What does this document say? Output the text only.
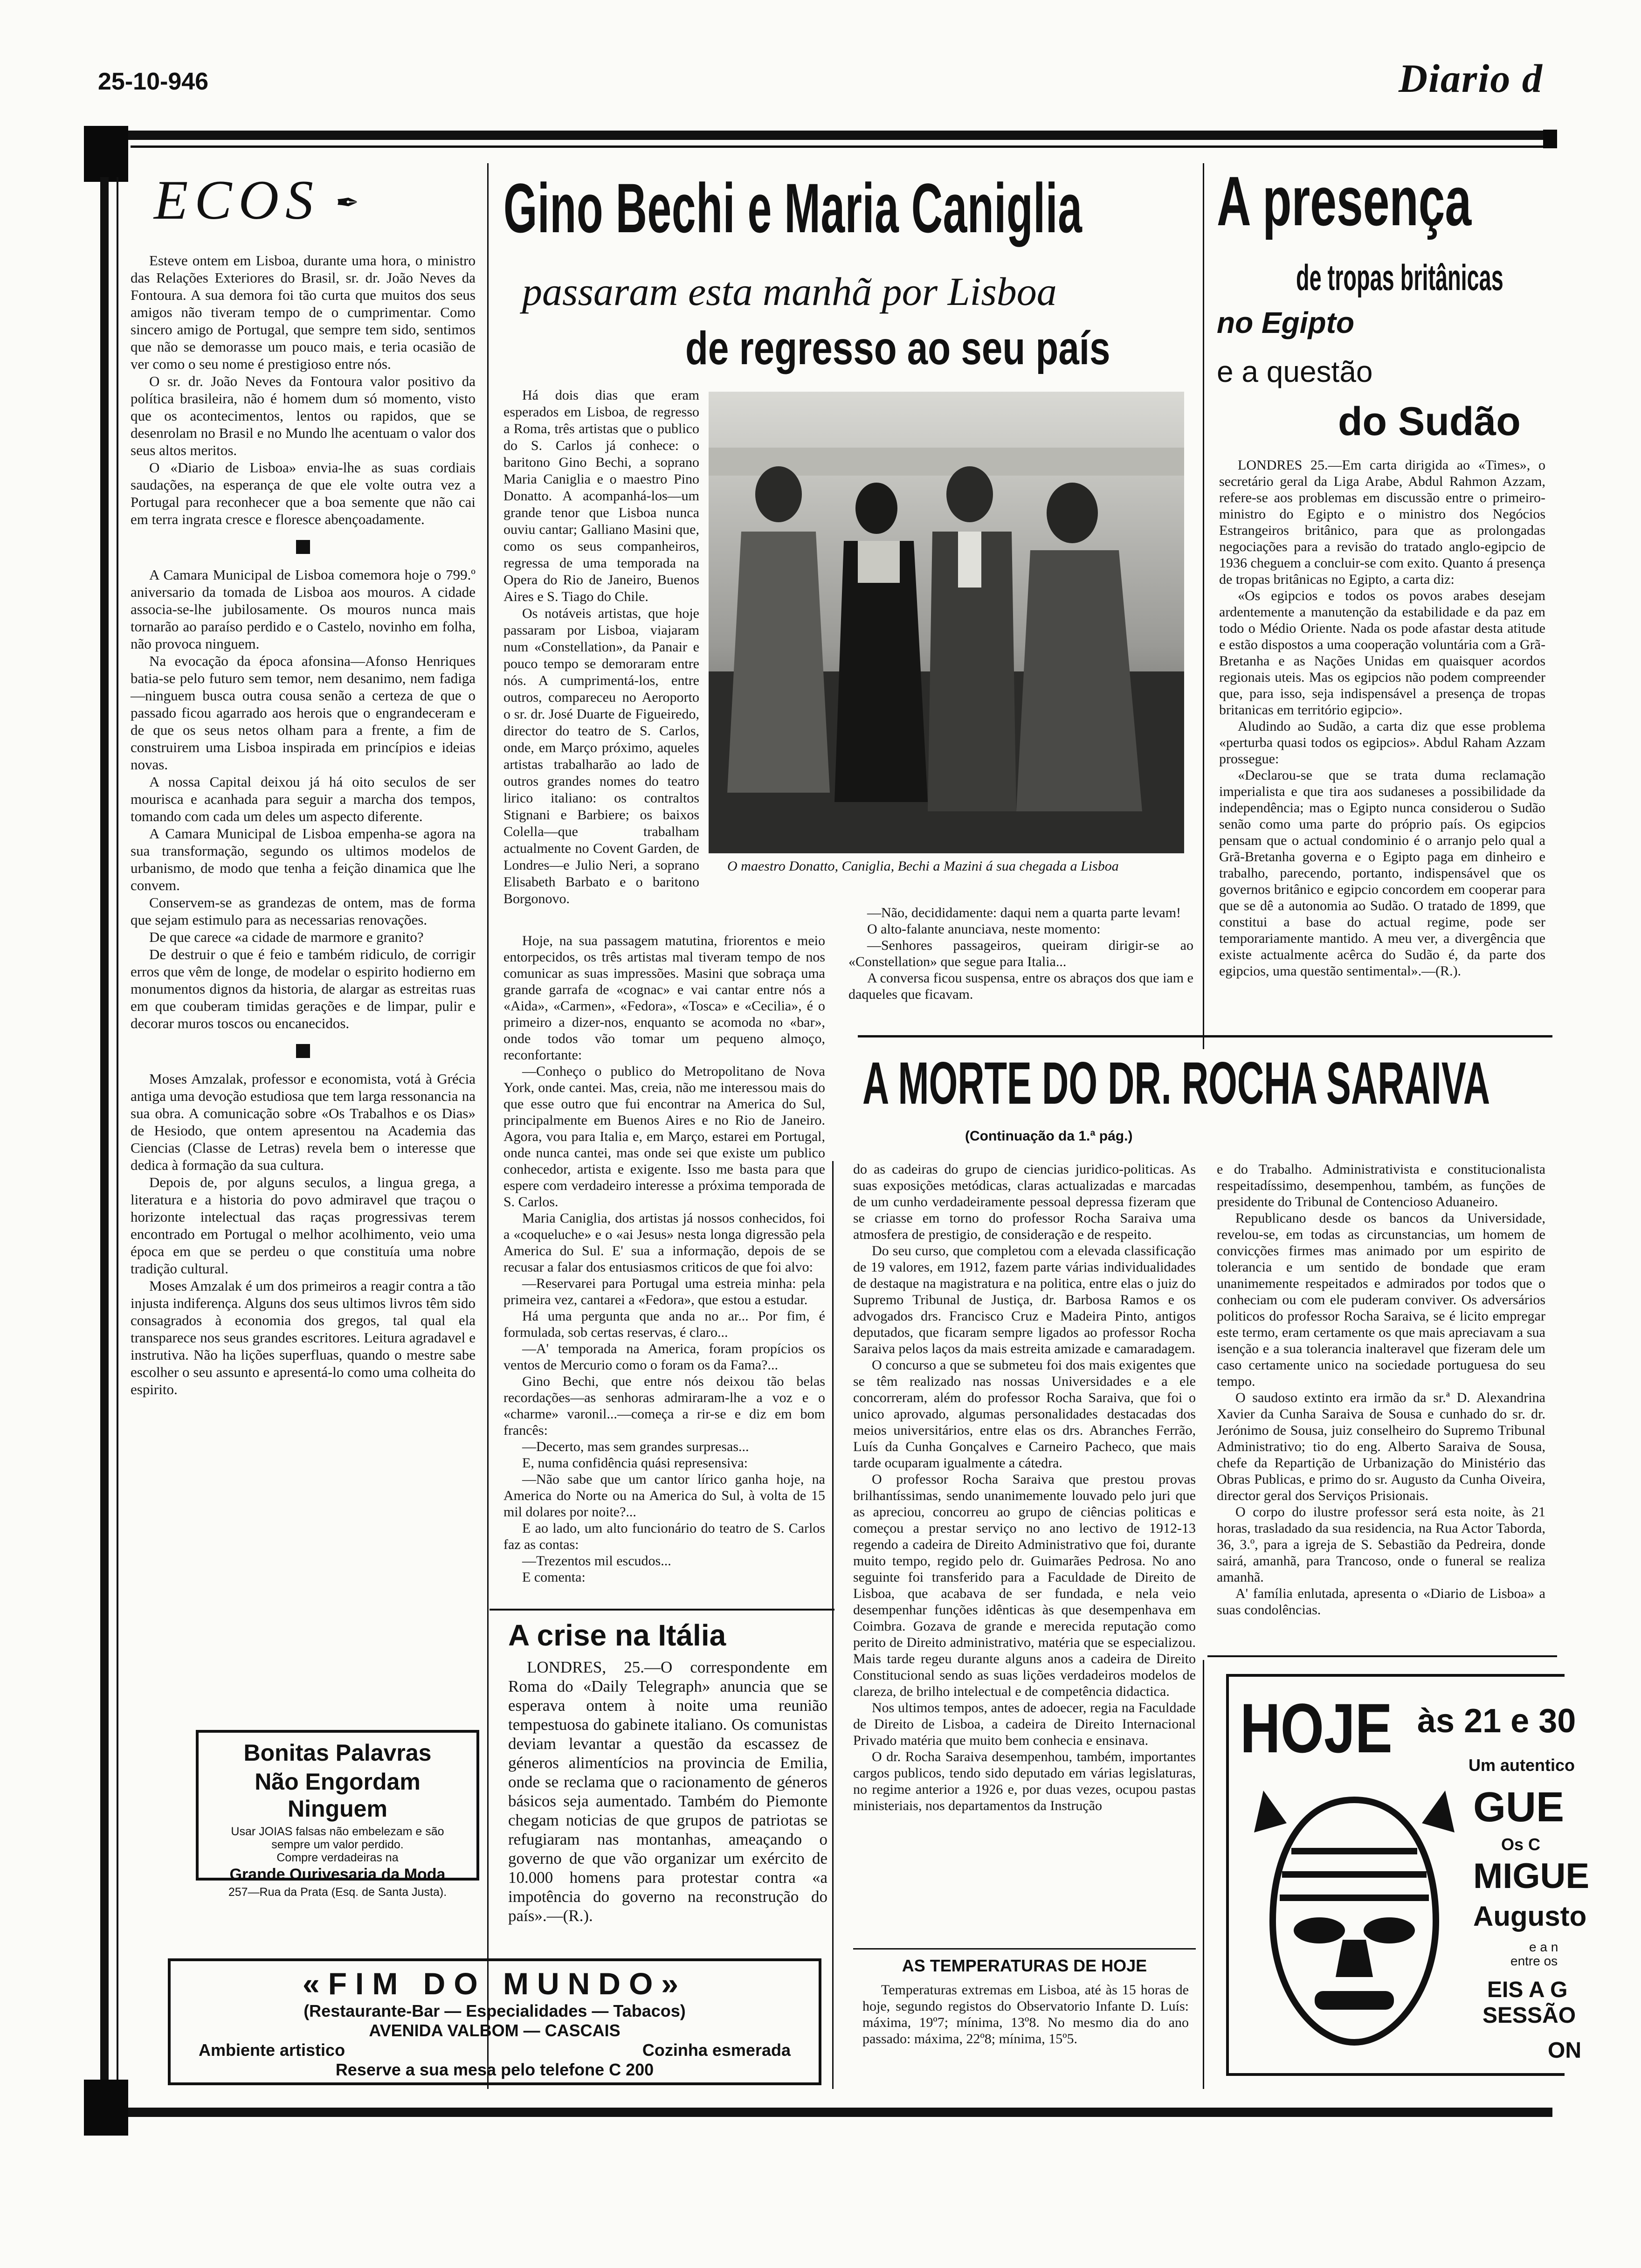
25-10-946	Diario d
ECOS ✒

Esteve ontem em Lisboa, durante uma hora, o ministro das Relações Exteriores do Brasil, sr. dr. João Neves da Fontoura. A sua demora foi tão curta que muitos dos seus amigos não tiveram tempo de o cumprimentar. Como sincero amigo de Portugal, que sempre tem sido, sentimos que não se demorasse um pouco mais, e teria ocasião de ver como o seu nome é prestigioso entre nós.

O sr. dr. João Neves da Fontoura valor positivo da política brasileira, não é homem dum só momento, visto que os acontecimentos, lentos ou rapidos, que se desenrolam no Brasil e no Mundo lhe acentuam o valor dos seus altos meritos.

O «Diario de Lisboa» envia-lhe as suas cordiais saudações, na esperança de que ele volte outra vez a Portugal para reconhecer que a boa semente que não cai em terra ingrata cresce e floresce abençoadamente.

A Camara Municipal de Lisboa comemora hoje o 799.º aniversario da tomada de Lisboa aos mouros. A cidade associa-se-lhe jubilosamente. Os mouros nunca mais tornarão ao paraíso perdido e o Castelo, novinho em folha, não provoca ninguem.

Na evocação da época afonsina—Afonso Henriques batia-se pelo futuro sem temor, nem desanimo, nem fadiga—ninguem busca outra cousa senão a certeza de que o passado ficou agarrado aos herois que o engrandeceram e de que os seus netos olham para a frente, a fim de construirem uma Lisboa inspirada em princípios e ideias novas.

A nossa Capital deixou já há oito seculos de ser mourisca e acanhada para seguir a marcha dos tempos, tomando com cada um deles um aspecto diferente.

A Camara Municipal de Lisboa empenha-se agora na sua transformação, segundo os ultimos modelos de urbanismo, de modo que tenha a feição dinamica que lhe convem.

Conservem-se as grandezas de ontem, mas de forma que sejam estimulo para as necessarias renovações.

De que carece «a cidade de marmore e granito?

De destruir o que é feio e também ridiculo, de corrigir erros que vêm de longe, de modelar o espirito hodierno em monumentos dignos da historia, de alargar as estreitas ruas em que couberam timidas gerações e de limpar, pulir e decorar muros toscos ou encanecidos.

Moses Amzalak, professor e economista, votá à Grécia antiga uma devoção estudiosa que tem larga ressonancia na sua obra. A comunicação sobre «Os Trabalhos e os Dias» de Hesiodo, que ontem apresentou na Academia das Ciencias (Classe de Letras) revela bem o interesse que dedica à formação da sua cultura.

Depois de, por alguns seculos, a lingua grega, a literatura e a historia do povo admiravel que traçou o horizonte intelectual das raças progressivas terem encontrado em Portugal o melhor acolhimento, veio uma época em que se perdeu o que constituía uma nobre tradição cultural.

Moses Amzalak é um dos primeiros a reagir contra a tão injusta indiferença. Alguns dos seus ultimos livros têm sido consagrados à economia dos gregos, tal qual ela transparece nos seus grandes escritores. Leitura agradavel e instrutiva. Não ha lições superfluas, quando o mestre sabe escolher o seu assunto e apresentá-lo como uma colheita do espirito.

Bonitas Palavras
Não Engordam Ninguem
Usar JOIAS falsas não embelezam e são sempre um valor perdido.
Compre verdadeiras na
Grande Ourivesaria da Moda
257—Rua da Prata (Esq. de Santa Justa).
«FIM DO MUNDO»
(Restaurante-Bar — Especialidades — Tabacos)
AVENIDA VALBOM — CASCAIS
Ambiente artistico	Cozinha esmerada
Reserve a sua mesa pelo telefone C 200
Gino Bechi e Maria Caniglia
passaram esta manhã por Lisboa
de regresso ao seu país

Há dois dias que eram esperados em Lisboa, de regresso a Roma, três artistas que o publico do S. Carlos já conhece: o baritono Gino Bechi, a soprano Maria Caniglia e o maestro Pino Donatto. A acompanhá-los—um grande tenor que Lisboa nunca ouviu cantar; Galliano Masini que, como os seus companheiros, regressa de uma temporada na Opera do Rio de Janeiro, Buenos Aires e S. Tiago do Chile.

Os notáveis artistas, que hoje passaram por Lisboa, viajaram num «Constellation», da Panair e pouco tempo se demoraram entre nós. A cumprimentá-los, entre outros, compareceu no Aeroporto o sr. dr. José Duarte de Figueiredo, director do teatro de S. Carlos, onde, em Março próximo, aqueles artistas trabalharão ao lado de outros grandes nomes do teatro lirico italiano: os contraltos Stignani e Barbiere; os baixos Colella—que trabalham actualmente no Covent Garden, de Londres—e Julio Neri, a soprano Elisabeth Barbato e o baritono Borgonovo.

O maestro Donatto, Caniglia, Bechi a Mazini á sua chegada a Lisboa

Hoje, na sua passagem matutina, friorentos e meio entorpecidos, os três artistas mal tiveram tempo de nos comunicar as suas impressões. Masini que sobraça uma grande garrafa de «cognac» e vai cantar entre nós a «Aida», «Carmen», «Fedora», «Tosca» e «Cecilia», é o primeiro a dizer-nos, enquanto se acomoda no «bar», onde todos vão tomar um pequeno almoço, reconfortante:

—Conheço o publico do Metropolitano de Nova York, onde cantei. Mas, creia, não me interessou mais do que esse outro que fui encontrar na America do Sul, principalmente em Buenos Aires e no Rio de Janeiro. Agora, vou para Italia e, em Março, estarei em Portugal, onde nunca cantei, mas onde sei que existe um publico conhecedor, artista e exigente. Isso me basta para que espere com verdadeiro interesse a próxima temporada de S. Carlos.

Maria Caniglia, dos artistas já nossos conhecidos, foi a «coqueluche» e o «ai Jesus» nesta longa digressão pela America do Sul. E' sua a informação, depois de se recusar a falar dos entusiasmos criticos de que foi alvo:

—Reservarei para Portugal uma estreia minha: pela primeira vez, cantarei a «Fedora», que estou a estudar.

Há uma pergunta que anda no ar... Por fim, é formulada, sob certas reservas, é claro...

—A' temporada na America, foram propícios os ventos de Mercurio como o foram os da Fama?...

Gino Bechi, que entre nós deixou tão belas recordações—as senhoras admiraram-lhe a voz e o «charme» varonil...—começa a rir-se e diz em bom francês:

—Decerto, mas sem grandes surpresas...

E, numa confidência quási represensiva:

—Não sabe que um cantor lírico ganha hoje, na America do Norte ou na America do Sul, à volta de 15 mil dolares por noite?...

E ao lado, um alto funcionário do teatro de S. Carlos faz as contas:

—Trezentos mil escudos...

E comenta:

—Não, decididamente: daqui nem a quarta parte levam!

O alto-falante anunciava, neste momento:

—Senhores passageiros, queiram dirigir-se ao «Constellation» que segue para Italia...

A conversa ficou suspensa, entre os abraços dos que iam e daqueles que ficavam.

A crise na Itália

LONDRES, 25.—O correspondente em Roma do «Daily Telegraph» anuncia que se esperava ontem à noite uma reunião tempestuosa do gabinete italiano. Os comunistas deviam levantar a questão da escassez de géneros alimentícios na provincia de Emilia, onde se reclama que o racionamento de géneros básicos seja aumentado. Também do Piemonte chegam noticias de que grupos de patriotas se refugiaram nas montanhas, ameaçando o governo de que vão organizar um exército de 10.000 homens para protestar contra «a impotência do governo na reconstrução do país».—(R.).

A presença
de tropas britânicas
no Egipto
e a questão
do Sudão

LONDRES 25.—Em carta dirigida ao «Times», o secretário geral da Liga Arabe, Abdul Rahmon Azzam, refere-se aos problemas em discussão entre o primeiro-ministro do Egipto e o ministro dos Negócios Estrangeiros britânico, para que as prolongadas negociações para a revisão do tratado anglo-egipcio de 1936 cheguem a concluir-se com exito. Quanto á presença de tropas britânicas no Egipto, a carta diz:

«Os egipcios e todos os povos arabes desejam ardentemente a manutenção da estabilidade e da paz em todo o Médio Oriente. Nada os pode afastar desta atitude e estão dispostos a uma cooperação voluntária com a Grã-Bretanha e as Nações Unidas em quaisquer acordos regionais uteis. Mas os egipcios não podem compreender que, para isso, seja indispensável a presença de tropas britanicas em território egipcio».

Aludindo ao Sudão, a carta diz que esse problema «perturba quasi todos os egipcios». Abdul Raham Azzam prossegue:

«Declarou-se que se trata duma reclamação imperialista e que tira aos sudaneses a possibilidade da independência; mas o Egipto nunca considerou o Sudão senão como uma parte do próprio país. Os egipcios pensam que o actual condominio é o arranjo pelo qual a Grã-Bretanha governa e o Egipto paga em dinheiro e trabalho, parecendo, portanto, indispensável que os governos britânico e egipcio concordem em cooperar para que se dê a autonomia ao Sudão. O tratado de 1899, que constitui a base do actual regime, pode ser temporariamente mantido. A meu ver, a divergência que existe actualmente acêrca do Sudão é, da parte dos egipcios, uma questão sentimental».—(R.).

A MORTE DO DR. ROCHA SARAIVA
(Continuação da 1.ª pág.)

do as cadeiras do grupo de ciencias juridico-politicas. As suas exposições metódicas, claras actualizadas e marcadas de um cunho verdadeiramente pessoal depressa fizeram que se criasse em torno do professor Rocha Saraiva uma atmosfera de prestigio, de consideração e de respeito.

Do seu curso, que completou com a elevada classificação de 19 valores, em 1912, fazem parte várias individualidades de destaque na magistratura e na politica, entre elas o juiz do Supremo Tribunal de Justiça, dr. Barbosa Ramos e os advogados drs. Francisco Cruz e Madeira Pinto, antigos deputados, que ficaram sempre ligados ao professor Rocha Saraiva pelos laços da mais estreita amizade e camaradagem.

O concurso a que se submeteu foi dos mais exigentes que se têm realizado nas nossas Universidades e a ele concorreram, além do professor Rocha Saraiva, que foi o unico aprovado, algumas personalidades destacadas dos meios universitários, entre elas os drs. Abranches Ferrão, Luís da Cunha Gonçalves e Carneiro Pacheco, que mais tarde ocuparam igualmente a cátedra.

O professor Rocha Saraiva que prestou provas brilhantíssimas, sendo unanimemente louvado pelo juri que as apreciou, concorreu ao grupo de ciências politicas e começou a prestar serviço no ano lectivo de 1912-13 regendo a cadeira de Direito Administrativo que foi, durante muito tempo, regido pelo dr. Guimarães Pedrosa. No ano seguinte foi transferido para a Faculdade de Direito de Lisboa, que acabava de ser fundada, e nela veio desempenhar funções idênticas às que desempenhava em Coimbra. Gozava de grande e merecida reputação como perito de Direito administrativo, matéria que se especializou. Mais tarde regeu durante alguns anos a cadeira de Direito Constitucional sendo as suas lições verdadeiros modelos de clareza, de brilho intelectual e de competência didactica.

Nos ultimos tempos, antes de adoecer, regia na Faculdade de Direito de Lisboa, a cadeira de Direito Internacional Privado matéria que muito bem conhecia e ensinava.

O dr. Rocha Saraiva desempenhou, também, importantes cargos publicos, tendo sido deputado em várias legislaturas, no regime anterior a 1926 e, por duas vezes, ocupou pastas ministeriais, nos departamentos da Instrução

e do Trabalho. Administrativista e constitucionalista respeitadíssimo, desempenhou, também, as funções de presidente do Tribunal de Contencioso Aduaneiro.

Republicano desde os bancos da Universidade, revelou-se, em todas as circunstancias, um homem de convicções firmes mas animado por um espirito de tolerancia e um sentido de bondade que eram unanimemente respeitados e admirados por todos que o conheciam ou com ele puderam conviver. Os adversários politicos do professor Rocha Saraiva, se é licito empregar este termo, eram certamente os que mais apreciavam a sua isenção e a sua tolerancia inalteravel que fizeram dele um caso certamente unico na sociedade portuguesa do seu tempo.

O saudoso extinto era irmão da sr.ª D. Alexandrina Xavier da Cunha Saraiva de Sousa e cunhado do sr. dr. Jerónimo de Sousa, juiz conselheiro do Supremo Tribunal Administrativo; tio do eng. Alberto Saraiva de Sousa, chefe da Repartição de Urbanização do Ministério das Obras Publicas, e primo do sr. Augusto da Cunha Oiveira, director geral dos Serviços Prisionais.

O corpo do ilustre professor será esta noite, às 21 horas, trasladado da sua residencia, na Rua Actor Taborda, 36, 3.º, para a igreja de S. Sebastião da Pedreira, donde sairá, amanhã, para Trancoso, onde o funeral se realiza amanhã.

A' família enlutada, apresenta o «Diario de Lisboa» a suas condolências.

AS TEMPERATURAS DE HOJE

Temperaturas extremas em Lisboa, até às 15 horas de hoje, segundo registos do Observatorio Infante D. Luís: máxima, 19º7; mínima, 13º8. No mesmo dia do ano passado: máxima, 22º8; mínima, 15º5.

HOJE às 21 e 30
Um autentico
GUE
Os C
MIGUE
Augusto
e a n
entre os
EIS A G
SESSÃO
ON
